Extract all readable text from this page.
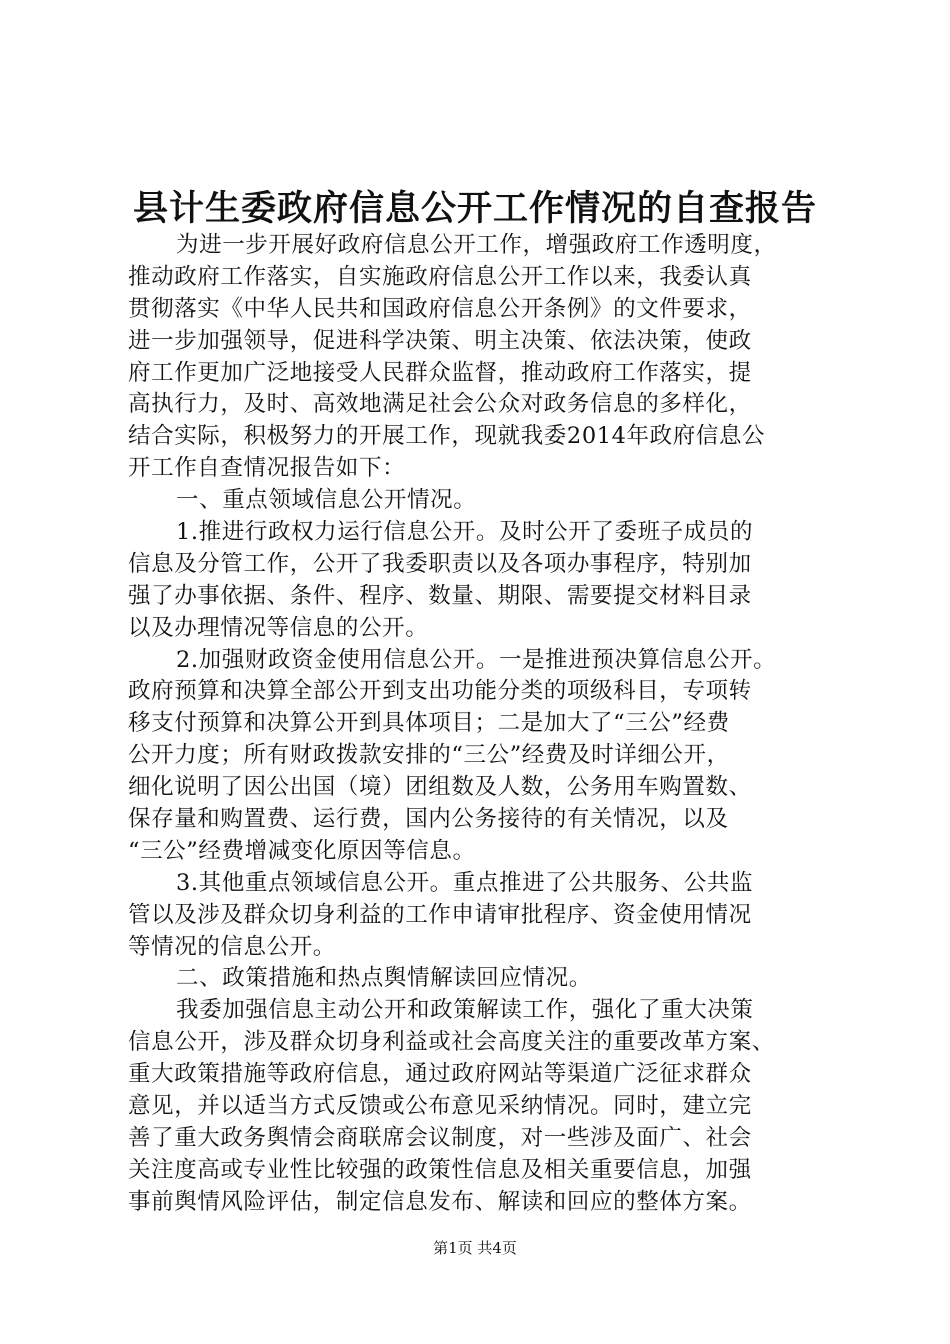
县计生委政府信息公开工作情况的自查报告
为进一步开展好政府信息公开工作，增强政府工作透明度，
推动政府工作落实，自实施政府信息公开工作以来，我委认真
贯彻落实《中华人民共和国政府信息公开条例》的文件要求，
进一步加强领导，促进科学决策、明主决策、依法决策，使政
府工作更加广泛地接受人民群众监督，推动政府工作落实，提
高执行力，及时、高效地满足社会公众对政务信息的多样化，
结合实际，积极努力的开展工作，现就我委2014年政府信息公
开工作自查情况报告如下：
一、重点领域信息公开情况。
1.推进行政权力运行信息公开。及时公开了委班子成员的
信息及分管工作，公开了我委职责以及各项办事程序，特别加
强了办事依据、条件、程序、数量、期限、需要提交材料目录
以及办理情况等信息的公开。
2.加强财政资金使用信息公开。一是推进预决算信息公开。
政府预算和决算全部公开到支出功能分类的项级科目，专项转
移支付预算和决算公开到具体项目；二是加大了“三公”经费
公开力度；所有财政拨款安排的“三公”经费及时详细公开，
细化说明了因公出国（境）团组数及人数，公务用车购置数、
保存量和购置费、运行费，国内公务接待的有关情况，以及
“三公”经费增减变化原因等信息。
3.其他重点领域信息公开。重点推进了公共服务、公共监
管以及涉及群众切身利益的工作申请审批程序、资金使用情况
等情况的信息公开。
二、政策措施和热点舆情解读回应情况。
我委加强信息主动公开和政策解读工作，强化了重大决策
信息公开，涉及群众切身利益或社会高度关注的重要改革方案、
重大政策措施等政府信息，通过政府网站等渠道广泛征求群众
意见，并以适当方式反馈或公布意见采纳情况。同时，建立完
善了重大政务舆情会商联席会议制度，对一些涉及面广、社会
关注度高或专业性比较强的政策性信息及相关重要信息，加强
事前舆情风险评估，制定信息发布、解读和回应的整体方案。
第1页 共4页
